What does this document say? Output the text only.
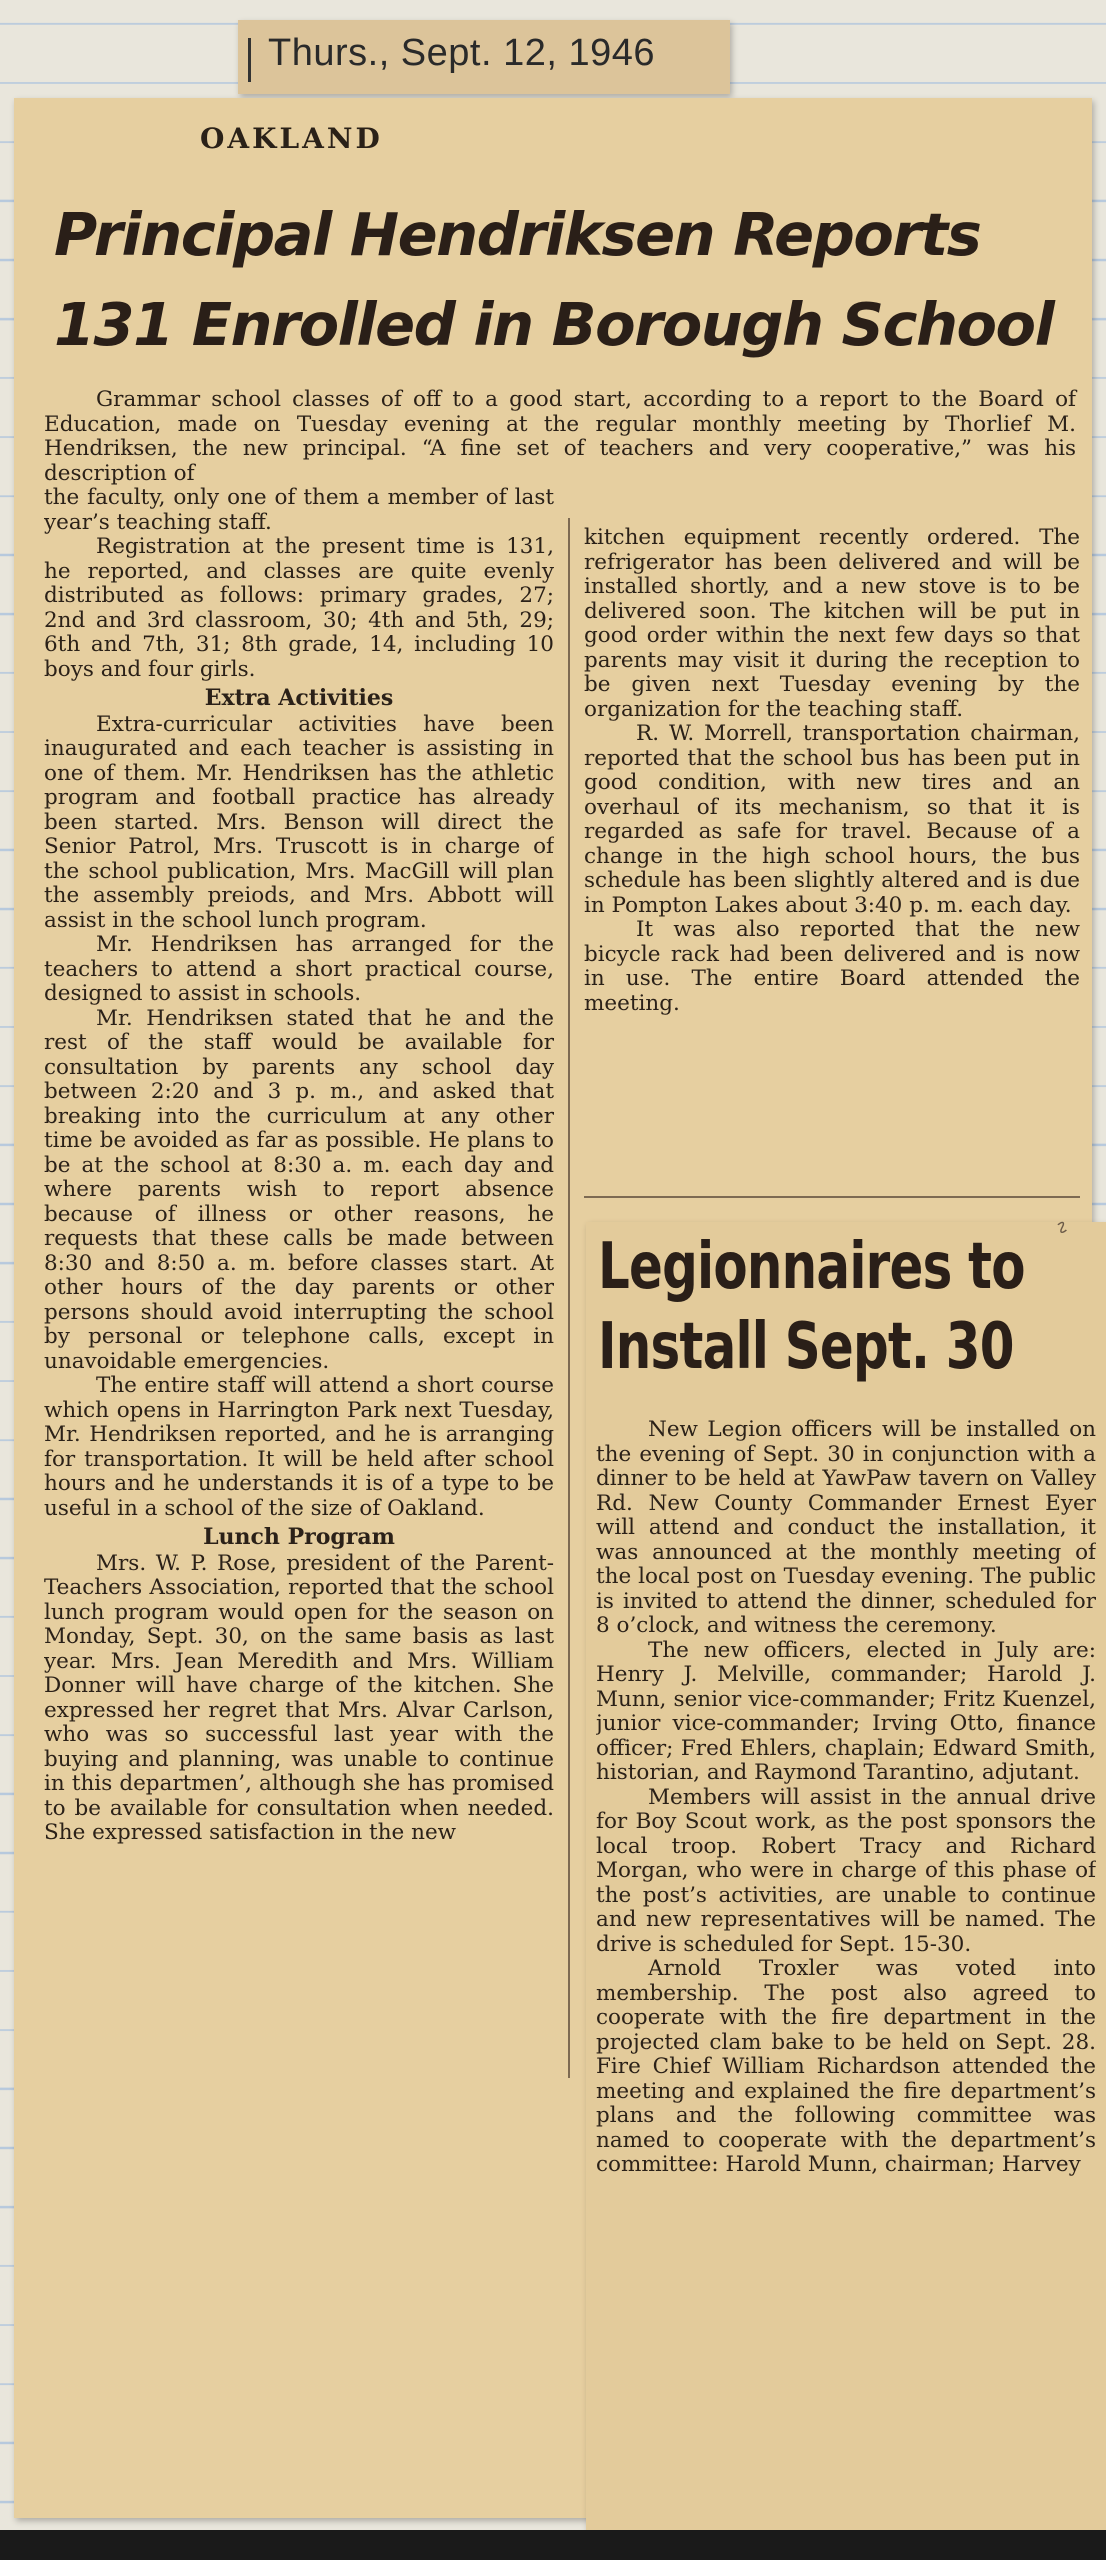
Thurs., Sept. 12, 1946
OAKLAND
Principal Hendriksen Reports
131 Enrolled in Borough School

Grammar school classes of off to a good start, according to a report to the Board of Education, made on Tuesday evening at the regular monthly meeting by Thorlief M. Hendriksen, the new principal. “A fine set of teachers and very cooperative,” was his description of

the faculty, only one of them a member of last year’s teaching staff.

Registration at the present time is 131, he reported, and classes are quite evenly distributed as follows: primary grades, 27; 2nd and 3rd classroom, 30; 4th and 5th, 29; 6th and 7th, 31; 8th grade, 14, including 10 boys and four girls.

Extra Activities

Extra-curricular activities have been inaugurated and each teacher is assisting in one of them. Mr. Hendriksen has the athletic program and football practice has already been started. Mrs. Benson will direct the Senior Patrol, Mrs. Truscott is in charge of the school publication, Mrs. MacGill will plan the assembly preiods, and Mrs. Abbott will assist in the school lunch program.

Mr. Hendriksen has arranged for the teachers to attend a short practical course, designed to assist in schools.

Mr. Hendriksen stated that he and the rest of the staff would be available for consultation by parents any school day between 2:20 and 3 p. m., and asked that breaking into the curriculum at any other time be avoided as far as possible. He plans to be at the school at 8:30 a. m. each day and where parents wish to report absence because of illness or other reasons, he requests that these calls be made between 8:30 and 8:50 a. m. before classes start. At other hours of the day parents or other persons should avoid interrupting the school by personal or telephone calls, except in unavoidable emergencies.

The entire staff will attend a short course which opens in Harrington Park next Tuesday, Mr. Hendriksen reported, and he is arranging for transportation. It will be held after school hours and he understands it is of a type to be useful in a school of the size of Oakland.

Lunch Program

Mrs. W. P. Rose, president of the Parent-Teachers Association, reported that the school lunch program would open for the season on Monday, Sept. 30, on the same basis as last year. Mrs. Jean Meredith and Mrs. William Donner will have charge of the kitchen. She expressed her regret that Mrs. Alvar Carlson, who was so successful last year with the buying and planning, was unable to continue in this departmen’, although she has promised to be available for consultation when needed. She expressed satisfaction in the new

kitchen equipment recently ordered. The refrigerator has been delivered and will be installed shortly, and a new stove is to be delivered soon. The kitchen will be put in good order within the next few days so that parents may visit it during the reception to be given next Tuesday evening by the organization for the teaching staff.

R. W. Morrell, transportation chairman, reported that the school bus has been put in good condition, with new tires and an overhaul of its mechanism, so that it is regarded as safe for travel. Because of a change in the high school hours, the bus schedule has been slightly altered and is due in Pompton Lakes about 3:40 p. m. each day.

It was also reported that the new bicycle rack had been delivered and is now in use. The entire Board attended the meeting.

∿
Legionnaires to
Install Sept. 30

New Legion officers will be installed on the evening of Sept. 30 in conjunction with a dinner to be held at YawPaw tavern on Valley Rd. New County Commander Ernest Eyer will attend and conduct the installation, it was announced at the monthly meeting of the local post on Tuesday evening. The public is invited to attend the dinner, scheduled for 8 o’clock, and witness the ceremony.

The new officers, elected in July are: Henry J. Melville, commander; Harold J. Munn, senior vice-commander; Fritz Kuenzel, junior vice-commander; Irving Otto, finance officer; Fred Ehlers, chaplain; Edward Smith, historian, and Raymond Tarantino, adjutant.

Members will assist in the annual drive for Boy Scout work, as the post sponsors the local troop. Robert Tracy and Richard Morgan, who were in charge of this phase of the post’s activities, are unable to continue and new representatives will be named. The drive is scheduled for Sept. 15-30.

Arnold Troxler was voted into membership. The post also agreed to cooperate with the fire department in the projected clam bake to be held on Sept. 28. Fire Chief William Richardson attended the meeting and explained the fire department’s plans and the following committee was named to cooperate with the department’s committee: Harold Munn, chairman; Harvey
